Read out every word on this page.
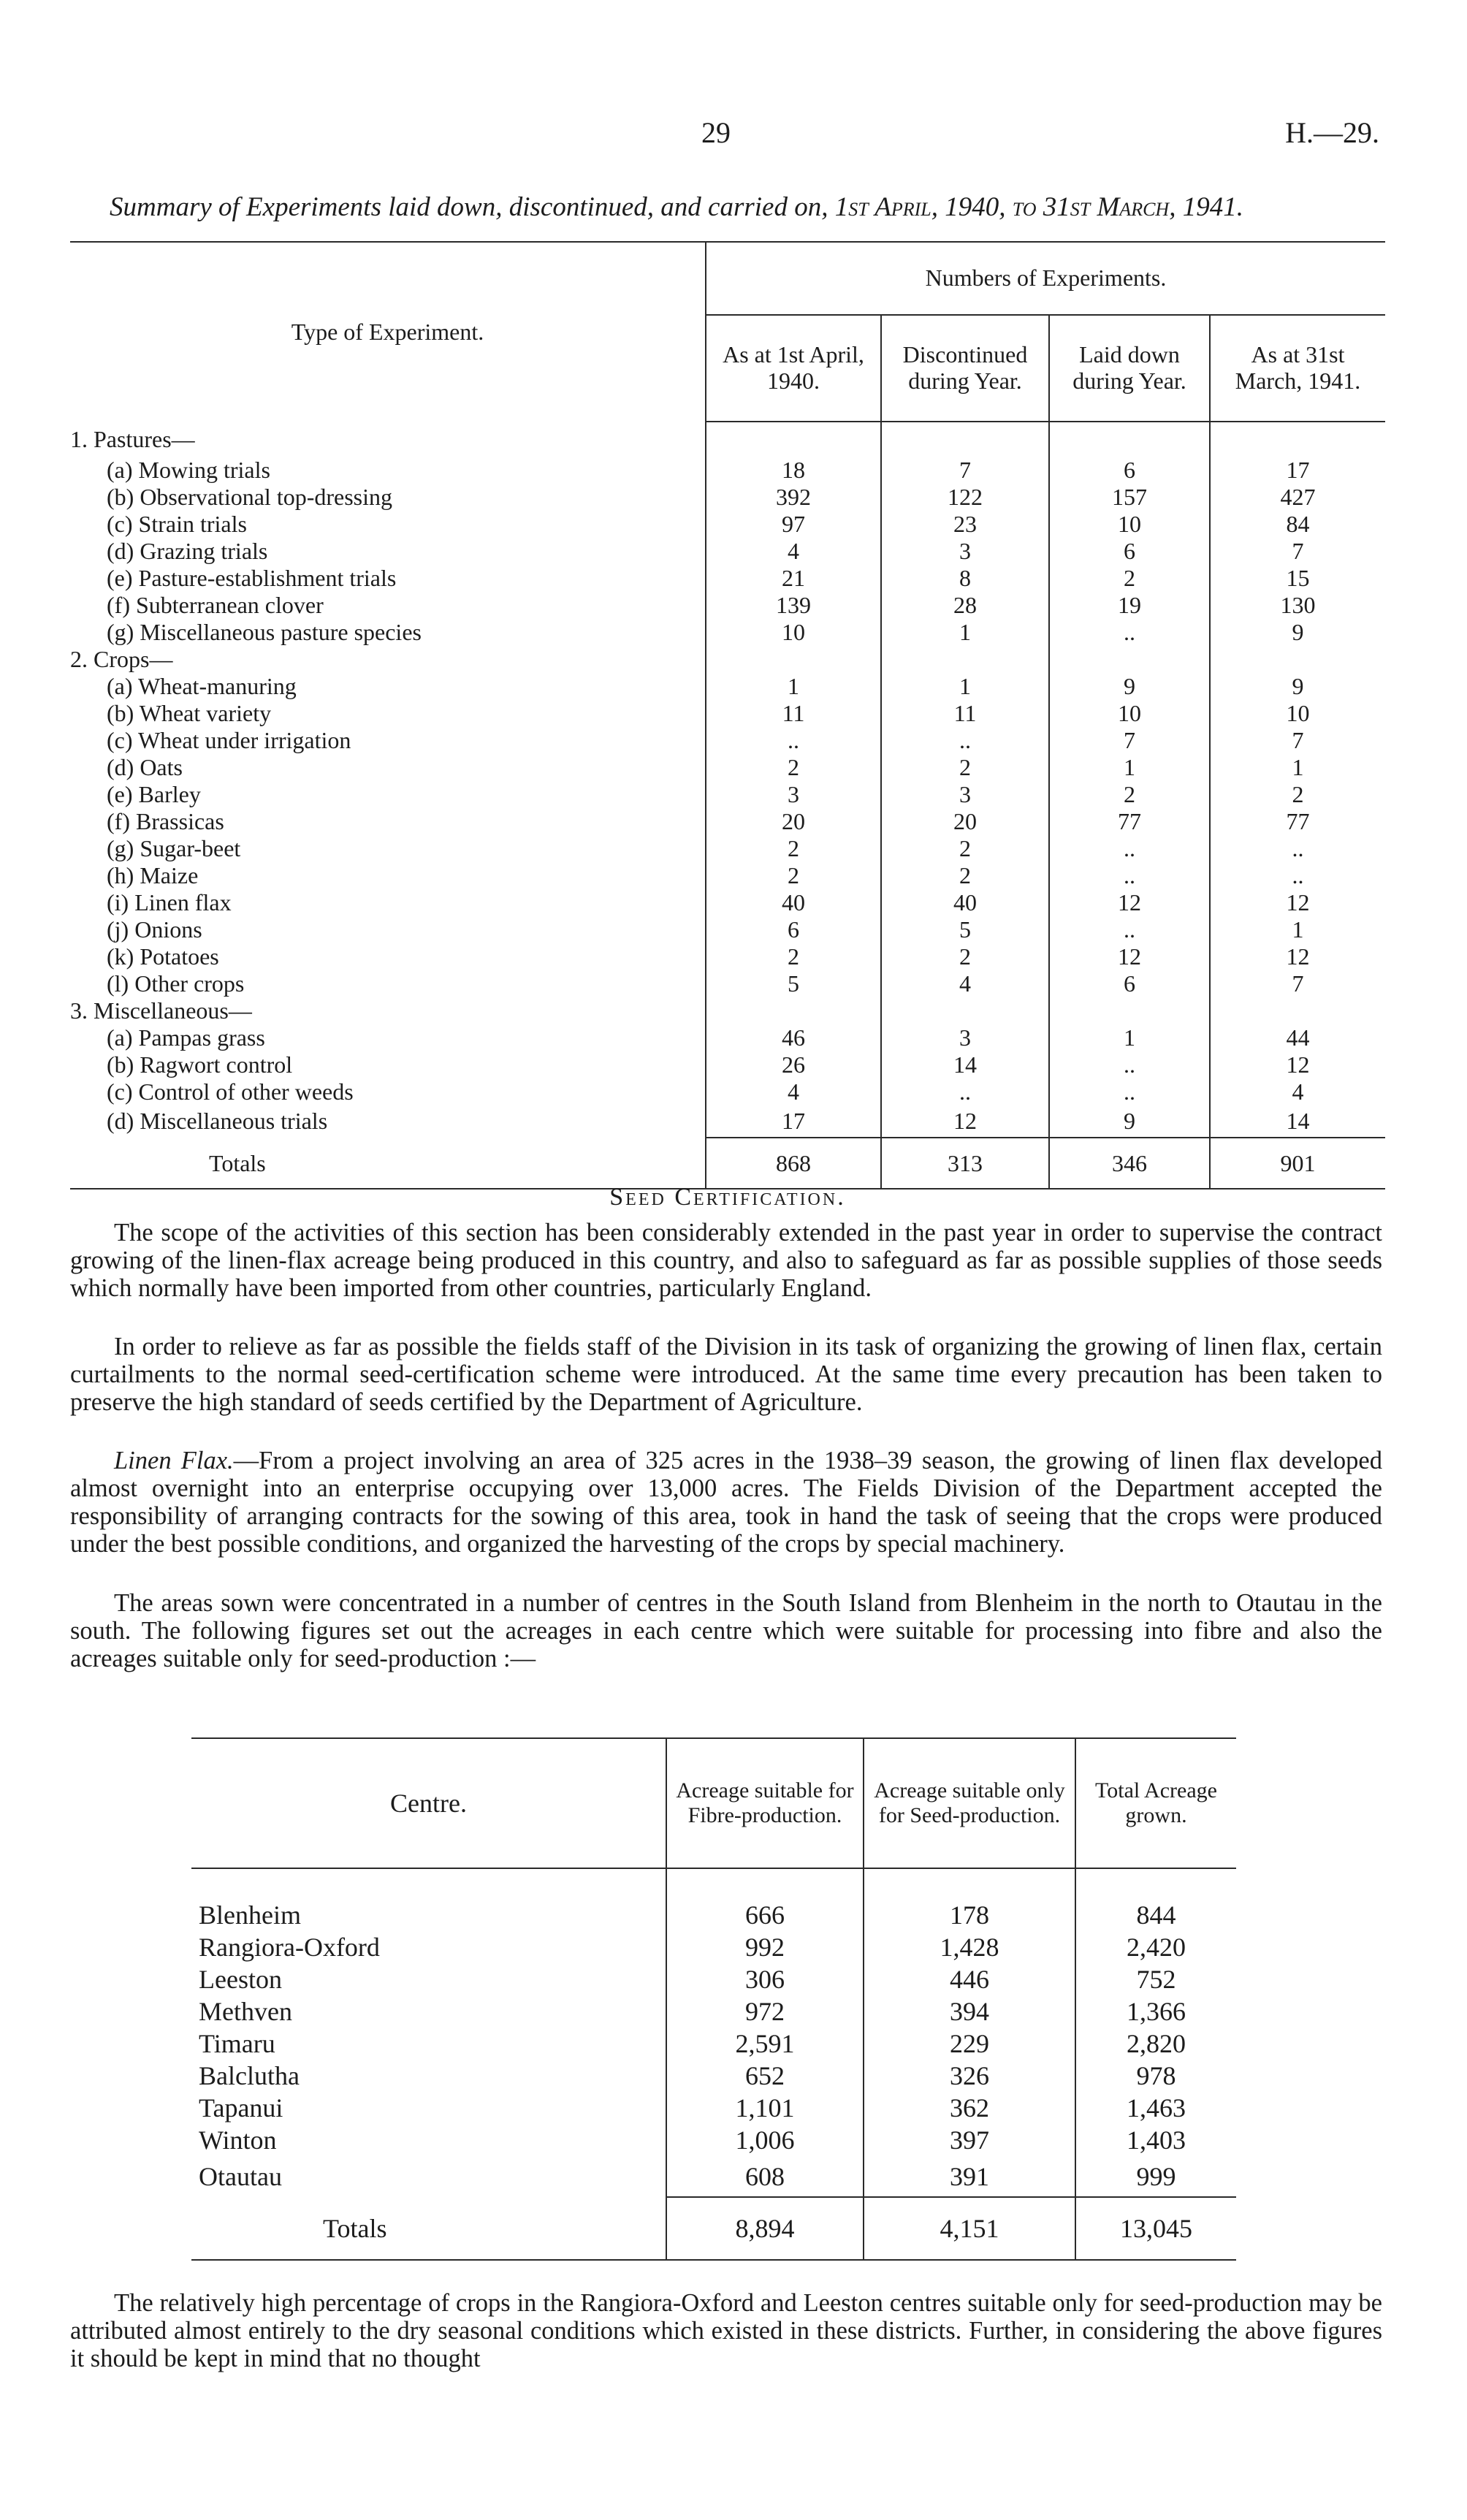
29	H.—29.
Summary of Experiments laid down, discontinued, and carried on, 1st April, 1940, to 31st March, 1941.
Type of Experiment.	Numbers of Experiments.			
	As at 1st April, 1940.	Discontinued during Year.	Laid down during Year.	As at 31st March, 1941.
1. Pastures—				
(a) Mowing trials	18	7	6	17
(b) Observational top-dressing	392	122	157	427
(c) Strain trials	97	23	10	84
(d) Grazing trials	4	3	6	7
(e) Pasture-establishment trials	21	8	2	15
(f) Subterranean clover	139	28	19	130
(g) Miscellaneous pasture species	10	1	..	9
2. Crops—				
(a) Wheat-manuring	1	1	9	9
(b) Wheat variety	11	11	10	10
(c) Wheat under irrigation	..	..	7	7
(d) Oats	2	2	1	1
(e) Barley	3	3	2	2
(f) Brassicas	20	20	77	77
(g) Sugar-beet	2	2	..	..
(h) Maize	2	2	..	..
(i) Linen flax	40	40	12	12
(j) Onions	6	5	..	1
(k) Potatoes	2	2	12	12
(l) Other crops	5	4	6	7
3. Miscellaneous—				
(a) Pampas grass	46	3	1	44
(b) Ragwort control	26	14	..	12
(c) Control of other weeds	4	..	..	4
(d) Miscellaneous trials	17	12	9	14
Totals	868	313	346	901
Seed Certification.

The scope of the activities of this section has been considerably extended in the past year in order to supervise the contract growing of the linen-flax acreage being produced in this country, and also to safeguard as far as possible supplies of those seeds which normally have been imported from other countries, particularly England.

In order to relieve as far as possible the fields staff of the Division in its task of organizing the growing of linen flax, certain curtailments to the normal seed-certification scheme were introduced. At the same time every precaution has been taken to preserve the high standard of seeds certified by the Department of Agriculture.

Linen Flax.—From a project involving an area of 325 acres in the 1938–39 season, the growing of linen flax developed almost overnight into an enterprise occupying over 13,000 acres. The Fields Division of the Department accepted the responsibility of arranging contracts for the sowing of this area, took in hand the task of seeing that the crops were produced under the best possible conditions, and organized the harvesting of the crops by special machinery.

The areas sown were concentrated in a number of centres in the South Island from Blenheim in the north to Otautau in the south. The following figures set out the acreages in each centre which were suitable for processing into fibre and also the acreages suitable only for seed-production :—

Centre.	Acreage suitable for Fibre-production.	Acreage suitable only for Seed-production.	Total Acreage grown.

Blenheim	666	178	844
Rangiora-Oxford	992	1,428	2,420
Leeston	306	446	752
Methven	972	394	1,366
Timaru	2,591	229	2,820
Balclutha	652	326	978
Tapanui	1,101	362	1,463
Winton	1,006	397	1,403
Otautau	608	391	999
Totals	8,894	4,151	13,045

The relatively high percentage of crops in the Rangiora-Oxford and Leeston centres suitable only for seed-production may be attributed almost entirely to the dry seasonal conditions which existed in these districts. Further, in considering the above figures it should be kept in mind that no thought
